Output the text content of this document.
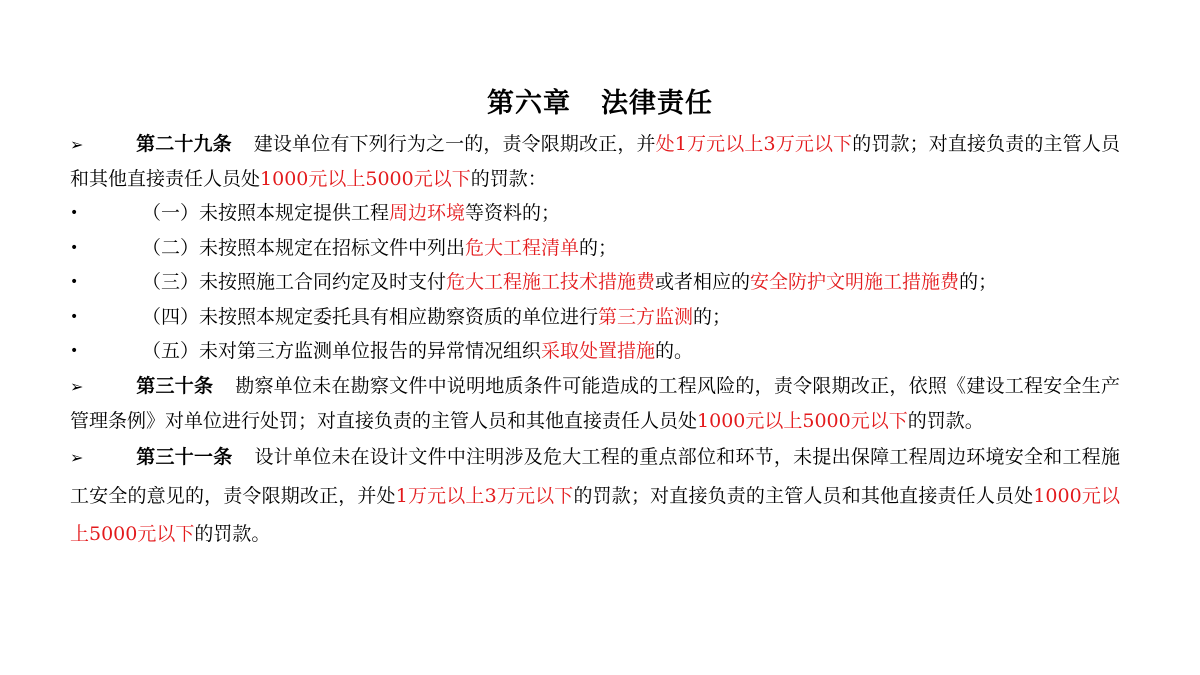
第六章 法律责任

➢	第二十九条 建设单位有下列行为之一的，责令限期改正，并处1万元以上3万元以下的罚款；对直接负责的主管人员和其他直接责任人员处1000元以上5000元以下的罚款：

•	（一）未按照本规定提供工程周边环境等资料的；

•	（二）未按照本规定在招标文件中列出危大工程清单的；

•	（三）未按照施工合同约定及时支付危大工程施工技术措施费或者相应的安全防护文明施工措施费的；

•	（四）未按照本规定委托具有相应勘察资质的单位进行第三方监测的；

•	（五）未对第三方监测单位报告的异常情况组织采取处置措施的。

➢	第三十条 勘察单位未在勘察文件中说明地质条件可能造成的工程风险的，责令限期改正，依照《建设工程安全生产管理条例》对单位进行处罚；对直接负责的主管人员和其他直接责任人员处1000元以上5000元以下的罚款。

➢	第三十一条 设计单位未在设计文件中注明涉及危大工程的重点部位和环节，未提出保障工程周边环境安全和工程施工安全的意见的，责令限期改正，并处1万元以上3万元以下的罚款；对直接负责的主管人员和其他直接责任人员处1000元以上5000元以下的罚款。
